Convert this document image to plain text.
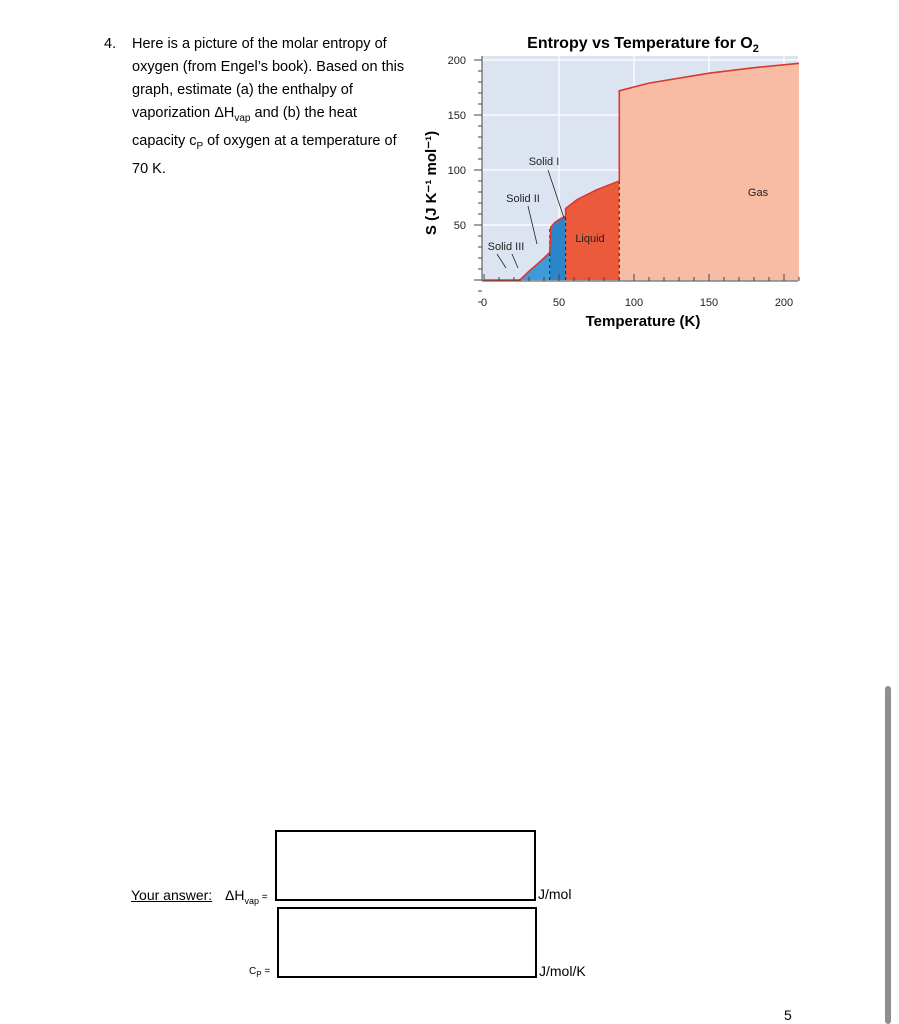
4. Here is a picture of the molar entropy of oxygen (from Engel’s book). Based on this graph, estimate (a) the enthalpy of vaporization $\Delta H_{vap}$ and (b) the heat capacity $c_P$ of oxygen at a temperature of 70 K.
Entropy vs Temperature for $O_2$
0	50	100	150	200
50
100
150
200
Solid I
Solid II
Solid III
Liquid
Gas
Temperature (K)
S (J K⁻¹ mol⁻¹)
Your answer: $\Delta H_{vap}$ =	J/mol
$C_P$ =	J/mol/K
5
